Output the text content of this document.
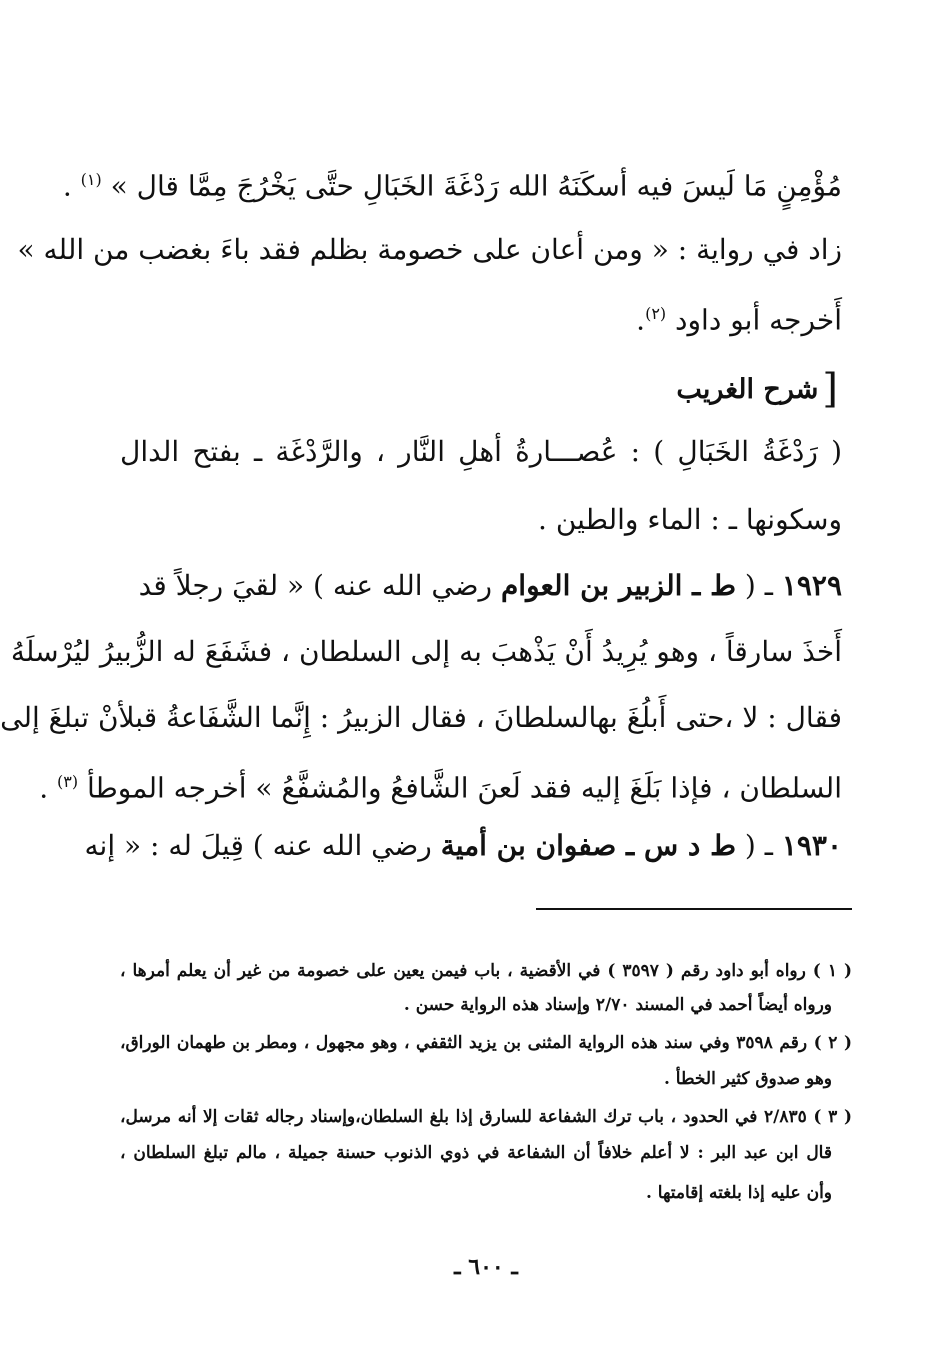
مُؤْمِنٍ مَا لَيسَ فيه أسكَنَهُ الله رَدْغَةَ الخَبَالِ حتَّى يَخْرُجَ مِمَّا قال » $^{(١)}$ .
زاد في رواية : « ومن أعان على خصومة بظلم فقد باءَ بغضب من الله »
أَخرجه أبو داود $^{(٢)}$.
[
شرح الغريب
( رَدْغَةُ الخَبَالِ ) : عُصـــارةُ أهلِ النَّار ، والرَّدْغَة ـ بفتح الدال
وسكونها ـ : الماء والطين .
١٩٢٩ ـ ( ط ـ الزبير بن العوام رضي الله عنه ) « لقيَ رجلاً قد
أَخذَ سارقاً ، وهو يُرِيدُ أَنْ يَذْهبَ به إلى السلطان ، فشَفَعَ له الزُّبيرُ ليُرْسلَهُ
فقال : لا ،حتى أَبلُغَ بهالسلطانَ ، فقال الزبيرُ : إِنَّما الشَّفَاعةُ قبلأنْ تبلغَ إلى
السلطان ، فإذا بَلَغَ إليه فقد لَعنَ الشَّافعُ والمُشفَّعُ » أخرجه الموطأ $^{(٣)}$ .
١٩٣٠ ـ ( ط د س ـ صفوان بن أمية رضي الله عنه ) قِيلَ له : « إنه
( ١ ) رواه أبو داود رقم ( ٣٥٩٧ ) في الأقضية ، باب فيمن يعين على خصومة من غير أن يعلم أمرها ،
ورواه أيضاً أحمد في المسند ٢/٧٠ وإسناد هذه الرواية حسن .
( ٢ ) رقم ٣٥٩٨ وفي سند هذه الرواية المثنى بن يزيد الثقفي ، وهو مجهول ، ومطر بن طهمان الوراق،
وهو صدوق كثير الخطأ .
( ٣ ) ٢/٨٣٥ في الحدود ، باب ترك الشفاعة للسارق إذا بلغ السلطان،وإسناد رجاله ثقات إلا أنه مرسل،
قال ابن عبد البر : لا أعلم خلافاً أن الشفاعة في ذوي الذنوب حسنة جميلة ، مالم تبلغ السلطان ،
وأن عليه إذا بلغته إقامتها .
ـ ٦٠٠ ـ
